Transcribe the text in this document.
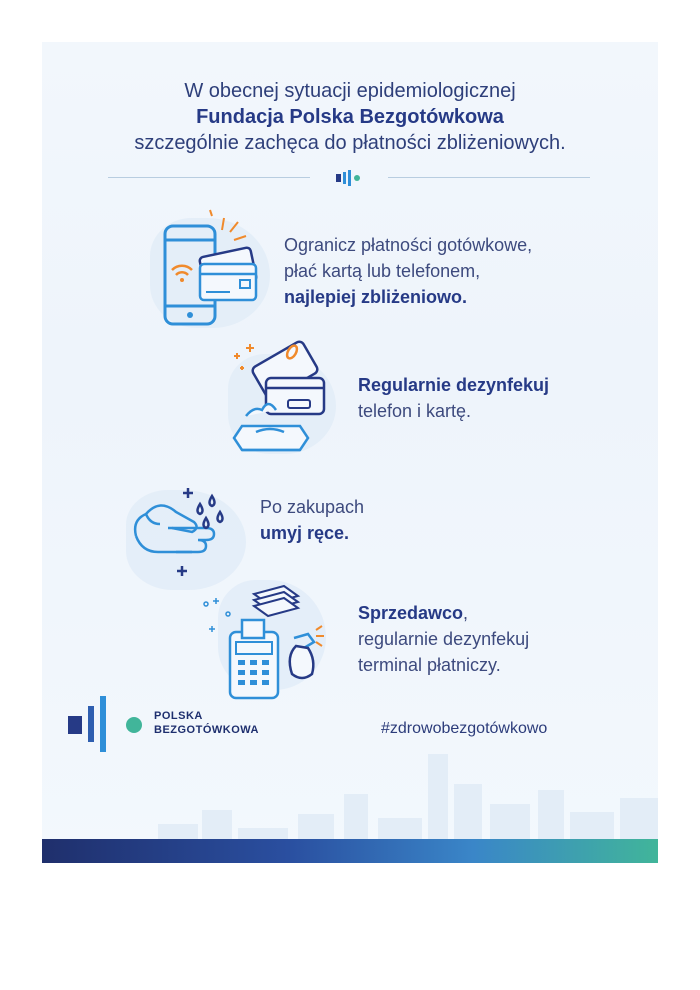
W obecnej sytuacji epidemiologicznej
Fundacja Polska Bezgotówkowa
szczególnie zachęca do płatności zbliżeniowych.
Ogranicz płatności gotówkowe,
płać kartą lub telefonem,
najlepiej zbliżeniowo.
Regularnie dezynfekuj
telefon i kartę.
Po zakupach
umyj ręce.
Sprzedawco,
regularnie dezynfekuj
terminal płatniczy.
POLSKA
BEZGOTÓWKOWA	#zdrowobezgotówkowo
